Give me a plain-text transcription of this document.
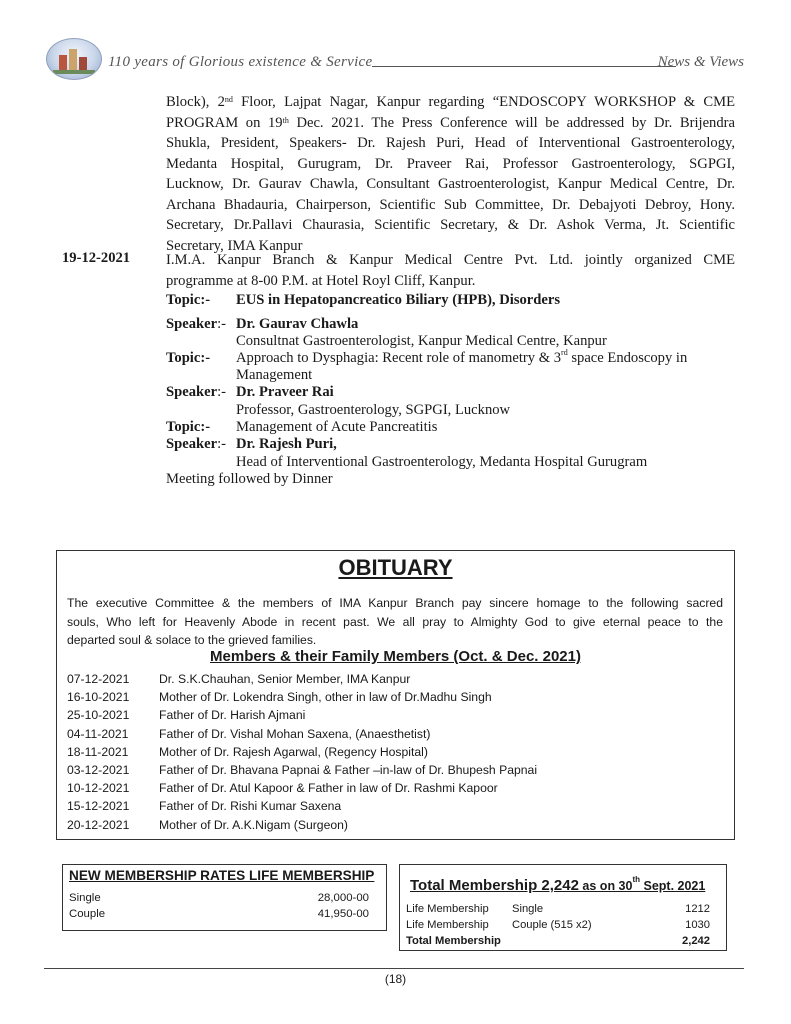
110 years of Glorious existence & Service	News & Views
Block), 2nd Floor, Lajpat Nagar, Kanpur regarding “ENDOSCOPY WORKSHOP & CME
PROGRAM on 19th Dec. 2021. The Press Conference will be addressed by Dr. Brijendra
Shukla, President, Speakers- Dr. Rajesh Puri, Head of Interventional Gastroenterology,
Medanta Hospital, Gurugram, Dr. Praveer Rai, Professor Gastroenterology, SGPGI,
Lucknow, Dr. Gaurav Chawla, Consultant Gastroenterologist, Kanpur Medical Centre, Dr.
Archana Bhadauria, Chairperson, Scientific Sub Committee, Dr. Debajyoti Debroy, Hony.
Secretary, Dr.Pallavi Chaurasia, Scientific Secretary, & Dr. Ashok Verma, Jt. Scientific
Secretary, IMA Kanpur
19-12-2021 I.M.A. Kanpur Branch & Kanpur Medical Centre Pvt. Ltd. jointly organized CME
programme at 8-00 P.M. at Hotel Royl Cliff, Kanpur.
Topic:- EUS in Hepatopancreatico Biliary (HPB), Disorders
Speaker:- Dr. Gaurav Chawla
Consultnat Gastroenterologist, Kanpur Medical Centre, Kanpur
Topic:- Approach to Dysphagia: Recent role of manometry & 3rd space Endoscopy in
Management
Speaker:- Dr. Praveer Rai
Professor, Gastroenterology, SGPGI, Lucknow
Topic:- Management of Acute Pancreatitis
Speaker:- Dr. Rajesh Puri,
Head of Interventional Gastroenterology, Medanta Hospital Gurugram
Meeting followed by Dinner
OBITUARY
The executive Committee & the members of IMA Kanpur Branch pay sincere homage to the following sacred
souls, Who left for Heavenly Abode in recent past. We all pray to Almighty God to give eternal peace to the
departed soul & solace to the grieved families.
Members & their Family Members (Oct. & Dec. 2021)
07-12-2021 Dr. S.K.Chauhan, Senior Member, IMA Kanpur
16-10-2021 Mother of Dr. Lokendra Singh, other in law of Dr.Madhu Singh
25-10-2021 Father of Dr. Harish Ajmani
04-11-2021	Father of Dr. Vishal Mohan Saxena, (Anaesthetist)
18-11-2021	Mother of Dr. Rajesh Agarwal, (Regency Hospital)
03-12-2021 Father of Dr. Bhavana Papnai & Father –in-law of Dr. Bhupesh Papnai
10-12-2021 Father of Dr. Atul Kapoor & Father in law of Dr. Rashmi Kapoor
15-12-2021 Father of Dr. Rishi Kumar Saxena
20-12-2021 Mother of Dr. A.K.Nigam (Surgeon)
NEW MEMBERSHIP RATES LIFE MEMBERSHIP
Single	28,000-00
Couple	41,950-00
Total Membership 2,242 as on 30th Sept. 2021
Life Membership Single	1212
Life Membership Couple (515 x2)	1030
Total Membership	2,242
(18)
